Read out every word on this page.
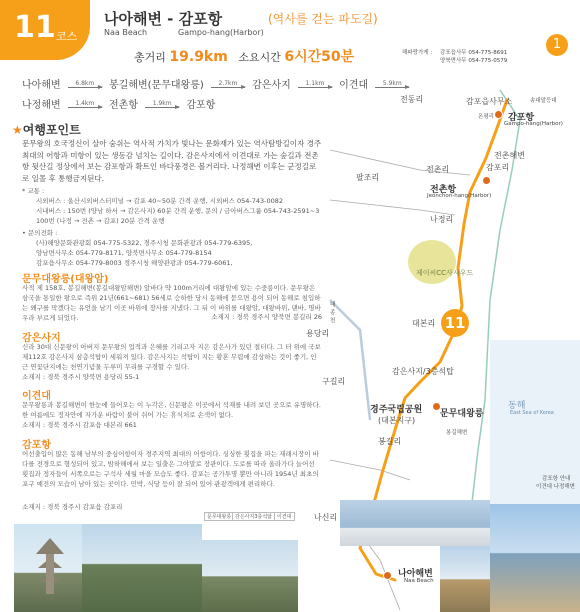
11 코스
나아해변 - 감포항	(역사를 걷는 파도길)
Naa Beach	Gampo-hang(Harbor)
1
총거리 19.9km 소요시간 6시간50분
나아해변	6.8km	봉길해변(문무대왕릉)	2.7km	감은사지	1.1km	이견대	5.9km
나정해변	1.4km	전촌항	1.9km	감포항
★여행포인트
문무왕의 호국정신이 살아 숨쉬는 역사적 가치가 빛나는 문화재가 있는 역사탐방길이자 경주 최대의 어항과 미항이 있는 생동감 넘치는 길이다. 감은사지에서 이견대로 가는 숲길과 전촌항 뒷산길 정상에서 보는 감포항과 확트인 바다풍경은 볼거리다. 나정해변 이후는 군정길로로 일몰 후 통행금지된다.
* 교통 :
시외버스 : 울산시외버스터미널 → 감포 40~50분 간격 운행, 시외버스 054-743-0082
시내버스 : 150번 (양남 하서 → 감은사지) 60분 간격 운행, 문의 / 금아버스그룹 054-743-2591~3
100번 (나정 → 전촌 → 감포) 20분 간격 운행
• 문의전화 :
(사)해양문화관광회 054-775-5322, 경주시청 문화관광과 054-779-6395,
양남면사무소 054-779-8171, 양북면사무소 054-779-8154
감포읍사무소 054-779-8003 경주시청 해양관광과 054-779-6061,
문무대왕릉(대왕암)
사적 제 158호, 봉길해변(봉길대왕암해변) 앞바다 약 100m거리에 대왕암에 있는 수중릉이다. 문무왕은 삼국을 통일한 왕으로 즉위 21년(661~681) 56세로 승하한 당시 동해에 묻으면 용이 되어 동해로 침입하는 왜구를 막겠다는 유언을 남기 이곳 바위에 장사를 지냈다. 그 뒤 이 바위를 대왕암, 대왕바위, 댄바, 명바우라 부르게 되었다.	소재지 : 경북 경주시 양북면 봉길리 26
감은사지
신라 30대 신문왕이 아버지 문무왕의 업적과 은혜를 기리고자 지은 감은사가 있던 절터다. 그 터 위에 국보 제112호 감은사지 삼층석탑이 세워져 있다. 감은사지는 석탑이 지는 황혼 무렵에 감상하는 것이 좋기, 인근 연꽃단지에는 천연기념물 두루미 무리를 구경할 수 있다.
소재지 : 경북 경주시 양북면 용당리 55-1
이견대
문무왕릉과 봉길해변이 한눈에 들어오는 이 누각은, 신문왕은 이곳에서 석재를 내려 보던 곳으로 유명하다. 한 여름에도 정자안에 자가운 바람이 불어 쉬어 가는 휴식처로 손색이 없다.
소재지 : 경북 경주시 감포읍 대본리 661
감포항
어선출입이 많은 동해 남부의 중심어항이자 경주지역 최대의 어항이다. 싱싱한 횟집을 파는 재래시장이 바다를 전경으로 형성되어 있고, 밤하해에서 보는 일출은 그야말로 장관이다. 도로를 따라 올라가다 늘어선 횟집과 정자들이 서쪽으로는 구석사 세월 마을 모습도 좋다. 감포는 공가투명 뿐만 아니라 1954년 최초의 포구 예전의 모습이 남아 있는 곳이다. 민박, 식당 등이 잘 되어 있어 관광객에게 편리하다.
소재지 : 경북 경주시 감포읍 감포리
동해
East Sea of Korea
11
해파랑가게 : 감포읍사무 054-775-8691
양북면사무 054-775-0579
전동리	감포읍사무소	송대말등대
온평리 감포항
Gampo-hang(Harbor)
전촌해변
감포리
팔조리
전촌항
Jeonchon-hang(Harbor)
전촌리
나정리
제이씨CC사시우드
대본리
용당리
대종천
구길리
감은사지/3층석탑
경주국립공원
(대본지구)
문무대왕릉
봉길해변
봉길리
나신리
나아해변
Naa Beach
감포항 안내
이견대 나정해변
문무대왕릉 감은사지3층석탑	이견대
